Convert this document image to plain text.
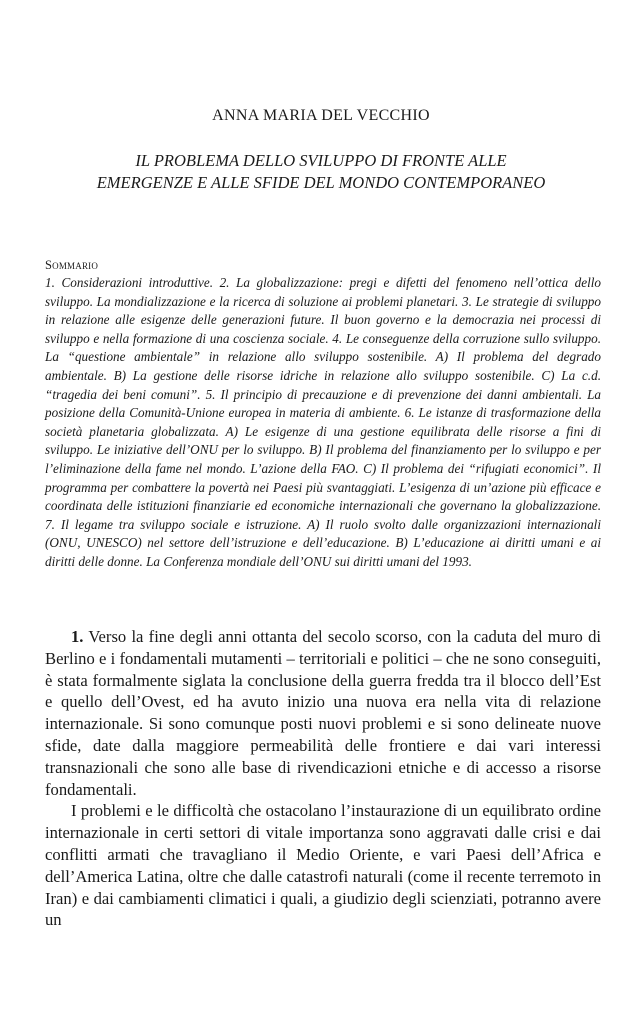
ANNA MARIA DEL VECCHIO
IL PROBLEMA DELLO SVILUPPO DI FRONTE ALLE
EMERGENZE E ALLE SFIDE DEL MONDO CONTEMPORANEO
Sommario
1. Considerazioni introduttive. 2. La globalizzazione: pregi e difetti del fenomeno nell’ottica dello sviluppo. La mondializzazione e la ricerca di soluzione ai problemi planetari. 3. Le strategie di sviluppo in relazione alle esigenze delle generazioni future. Il buon governo e la democrazia nei processi di sviluppo e nella formazione di una coscienza sociale. 4. Le conseguenze della corruzione sullo sviluppo. La “questione ambientale” in relazione allo sviluppo sostenibile. A) Il problema del degrado ambientale. B) La gestione delle risorse idriche in relazione allo sviluppo sostenibile. C) La c.d. “tragedia dei beni comuni”. 5. Il principio di precauzione e di prevenzione dei danni ambientali. La posizione della Comunità-Unione europea in materia di ambiente. 6. Le istanze di trasformazione della società planetaria globalizzata. A) Le esigenze di una gestione equilibrata delle risorse a fini di sviluppo. Le iniziative dell’ONU per lo sviluppo. B) Il problema del finanziamento per lo sviluppo e per l’eliminazione della fame nel mondo. L’azione della FAO. C) Il problema dei “rifugiati economici”. Il programma per combattere la povertà nei Paesi più svantaggiati. L’esigenza di un’azione più efficace e coordinata delle istituzioni finanziarie ed economiche internazionali che governano la globalizzazione. 7. Il legame tra sviluppo sociale e istruzione. A) Il ruolo svolto dalle organizzazioni internazionali (ONU, UNESCO) nel settore dell’istruzione e dell’educazione. B) L’educazione ai diritti umani e ai diritti delle donne. La Conferenza mondiale dell’ONU sui diritti umani del 1993.

1. Verso la fine degli anni ottanta del secolo scorso, con la caduta del muro di Berlino e i fondamentali mutamenti – territoriali e politici – che ne sono conseguiti, è stata formalmente siglata la conclusione della guerra fredda tra il blocco dell’Est e quello dell’Ovest, ed ha avuto inizio una nuova era nella vita di relazione internazionale. Si sono comunque posti nuovi problemi e si sono delineate nuove sfide, date dalla maggiore permeabilità delle frontiere e dai vari interessi transnazionali che sono alle base di rivendicazioni etniche e di accesso a risorse fondamentali.

I problemi e le difficoltà che ostacolano l’instaurazione di un equilibrato ordine internazionale in certi settori di vitale importanza sono aggravati dalle crisi e dai conflitti armati che travagliano il Medio Oriente, e vari Paesi dell’Africa e dell’America Latina, oltre che dalle catastrofi naturali (come il recente terremoto in Iran) e dai cambiamenti climatici i quali, a giudizio degli scienziati, potranno avere un
